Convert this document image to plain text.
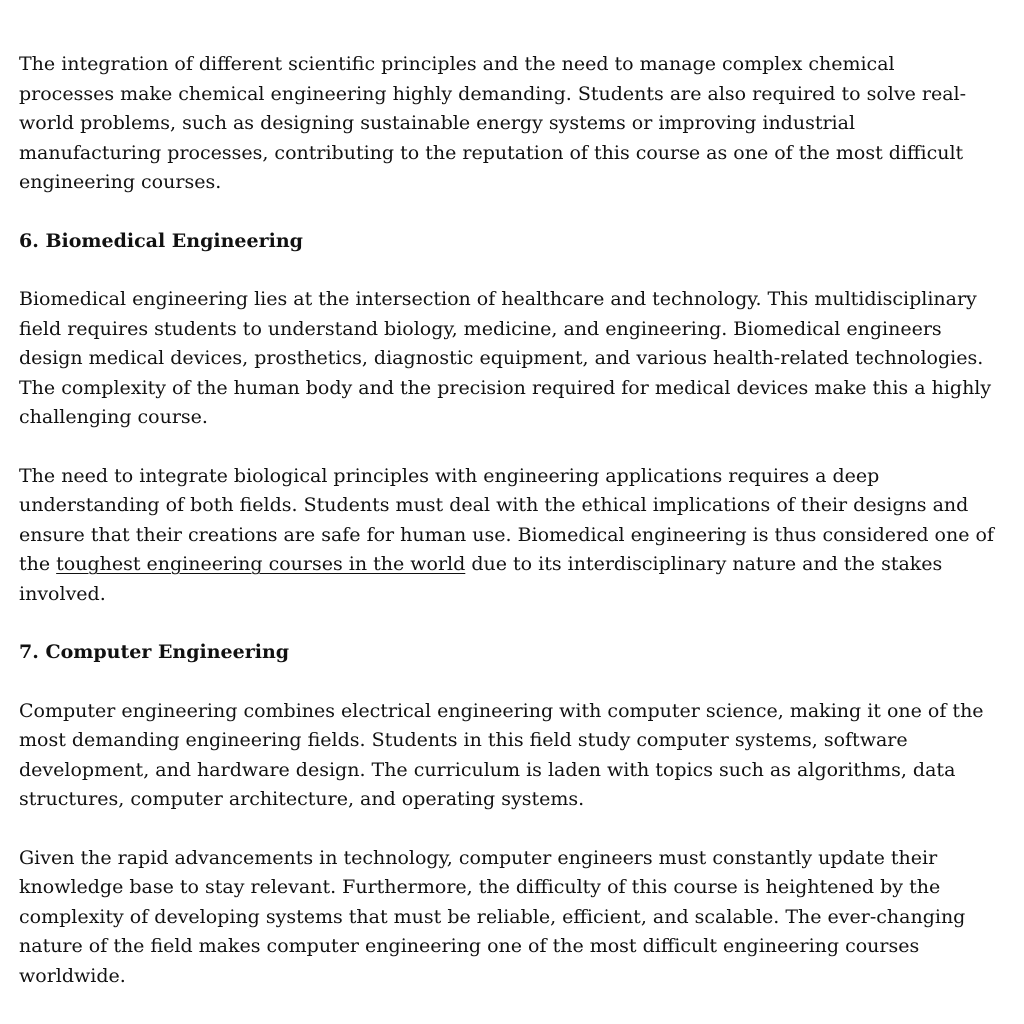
The integration of different scientific principles and the need to manage complex chemical processes make chemical engineering highly demanding. Students are also required to solve real-world problems, such as designing sustainable energy systems or improving industrial manufacturing processes, contributing to the reputation of this course as one of the most difficult engineering courses.

6. Biomedical Engineering

Biomedical engineering lies at the intersection of healthcare and technology. This multidisciplinary field requires students to understand biology, medicine, and engineering. Biomedical engineers design medical devices, prosthetics, diagnostic equipment, and various health-related technologies. The complexity of the human body and the precision required for medical devices make this a highly challenging course.

The need to integrate biological principles with engineering applications requires a deep understanding of both fields. Students must deal with the ethical implications of their designs and ensure that their creations are safe for human use. Biomedical engineering is thus considered one of the toughest engineering courses in the world due to its interdisciplinary nature and the stakes involved.

7. Computer Engineering

Computer engineering combines electrical engineering with computer science, making it one of the most demanding engineering fields. Students in this field study computer systems, software development, and hardware design. The curriculum is laden with topics such as algorithms, data structures, computer architecture, and operating systems.

Given the rapid advancements in technology, computer engineers must constantly update their knowledge base to stay relevant. Furthermore, the difficulty of this course is heightened by the complexity of developing systems that must be reliable, efficient, and scalable. The ever-changing nature of the field makes computer engineering one of the most difficult engineering courses worldwide.
